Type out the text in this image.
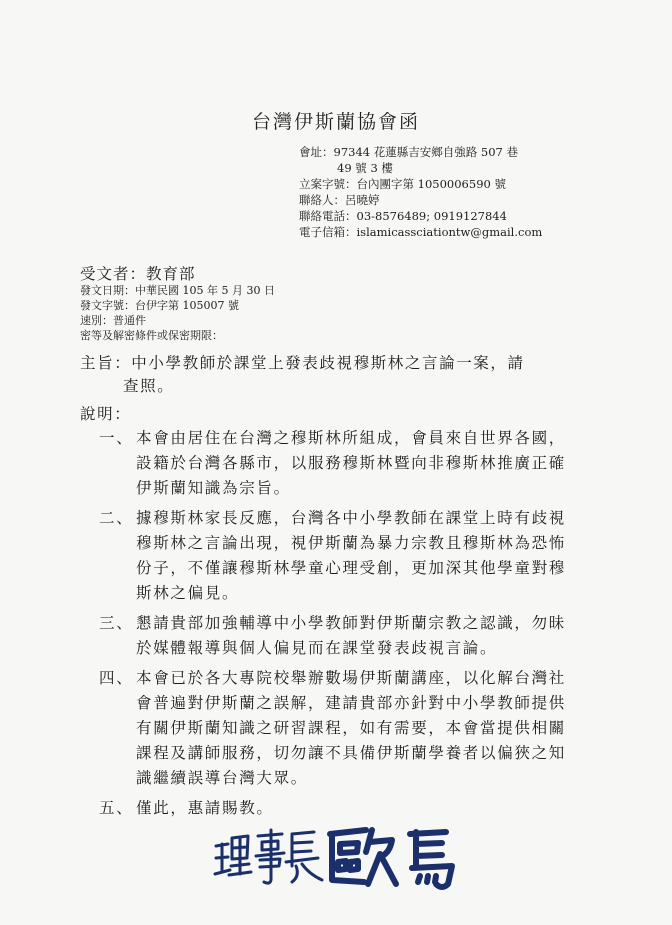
台灣伊斯蘭協會函
會址：97344 花蓮縣吉安鄉自強路 507 巷
49 號 3 樓
立案字號：台內團字第 1050006590 號
聯絡人：呂曉婷
聯絡電話：03-8576489; 0919127844
電子信箱：islamicassciationtw@gmail.com
受文者：教育部
發文日期：中華民國 105 年 5 月 30 日
發文字號：台伊字第 105007 號
速別：普通件
密等及解密條件或保密期限：
主旨：中小學教師於課堂上發表歧視穆斯林之言論一案，請
查照。
說明：
一、 本會由居住在台灣之穆斯林所組成，會員來自世界各國，設籍於台灣各縣市，以服務穆斯林暨向非穆斯林推廣正確伊斯蘭知識為宗旨。
二、 據穆斯林家長反應，台灣各中小學教師在課堂上時有歧視穆斯林之言論出現，視伊斯蘭為暴力宗教且穆斯林為恐怖份子，不僅讓穆斯林學童心理受創，更加深其他學童對穆斯林之偏見。
三、 懇請貴部加強輔導中小學教師對伊斯蘭宗教之認識，勿昧於媒體報導與個人偏見而在課堂發表歧視言論。
四、 本會已於各大專院校舉辦數場伊斯蘭講座，以化解台灣社會普遍對伊斯蘭之誤解，建請貴部亦針對中小學教師提供有關伊斯蘭知識之研習課程，如有需要，本會當提供相關課程及講師服務，切勿讓不具備伊斯蘭學養者以偏狹之知識繼續誤導台灣大眾。
五、 僅此，惠請賜教。
